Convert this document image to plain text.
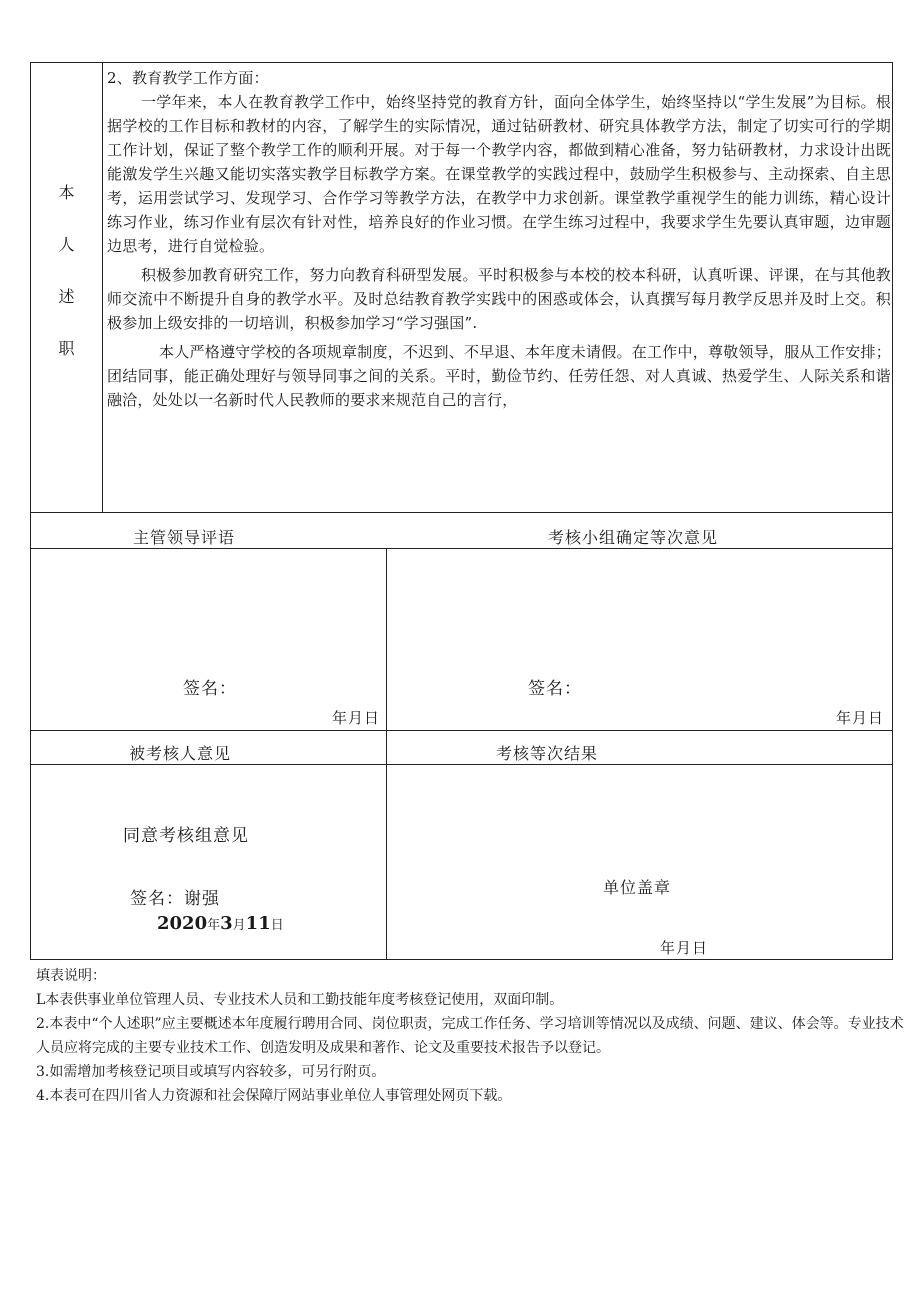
本
人
述
职

2、教育教学工作方面：

一学年来，本人在教育教学工作中，始终坚持党的教育方针，面向全体学生，始终坚持以“学生发展”为目标。根据学校的工作目标和教材的内容，了解学生的实际情况，通过钻研教材、研究具体教学方法，制定了切实可行的学期工作计划，保证了整个教学工作的顺利开展。对于每一个教学内容，都做到精心准备，努力钻研教材，力求设计出既能激发学生兴趣又能切实落实教学目标教学方案。在课堂教学的实践过程中，鼓励学生积极参与、主动探索、自主思考，运用尝试学习、发现学习、合作学习等教学方法，在教学中力求创新。课堂教学重视学生的能力训练，精心设计练习作业，练习作业有层次有针对性，培养良好的作业习惯。在学生练习过程中，我要求学生先要认真审题，边审题边思考，进行自觉检验。

积极参加教育研究工作，努力向教育科研型发展。平时积极参与本校的校本科研，认真听课、评课，在与其他教师交流中不断提升自身的教学水平。及时总结教育教学实践中的困惑或体会，认真撰写每月教学反思并及时上交。积极参加上级安排的一切培训，积极参加学习“学习强国”.

本人严格遵守学校的各项规章制度，不迟到、不早退、本年度未请假。在工作中，尊敬领导，服从工作安排；团结同事，能正确处理好与领导同事之间的关系。平时，勤俭节约、任劳任怨、对人真诚、热爱学生、人际关系和谐融洽，处处以一名新时代人民教师的要求来规范自己的言行，

主管领导评语	考核小组确定等次意见
签名：
年月日
签名：
年月日
被考核人意见	考核等次结果
同意考核组意见
签名：谢强
2020年3月11日
单位盖章
年月日

填表说明：

L本表供事业单位管理人员、专业技术人员和工勤技能年度考核登记使用，双面印制。

2.本表中“个人述职”应主要概述本年度履行聘用合同、岗位职责，完成工作任务、学习培训等情况以及成绩、问题、建议、体会等。专业技术人员应将完成的主要专业技术工作、创造发明及成果和著作、论文及重要技术报告予以登记。

3.如需增加考核登记项目或填写内容较多，可另行附页。

4.本表可在四川省人力资源和社会保障厅网站事业单位人事管理处网页下载。
